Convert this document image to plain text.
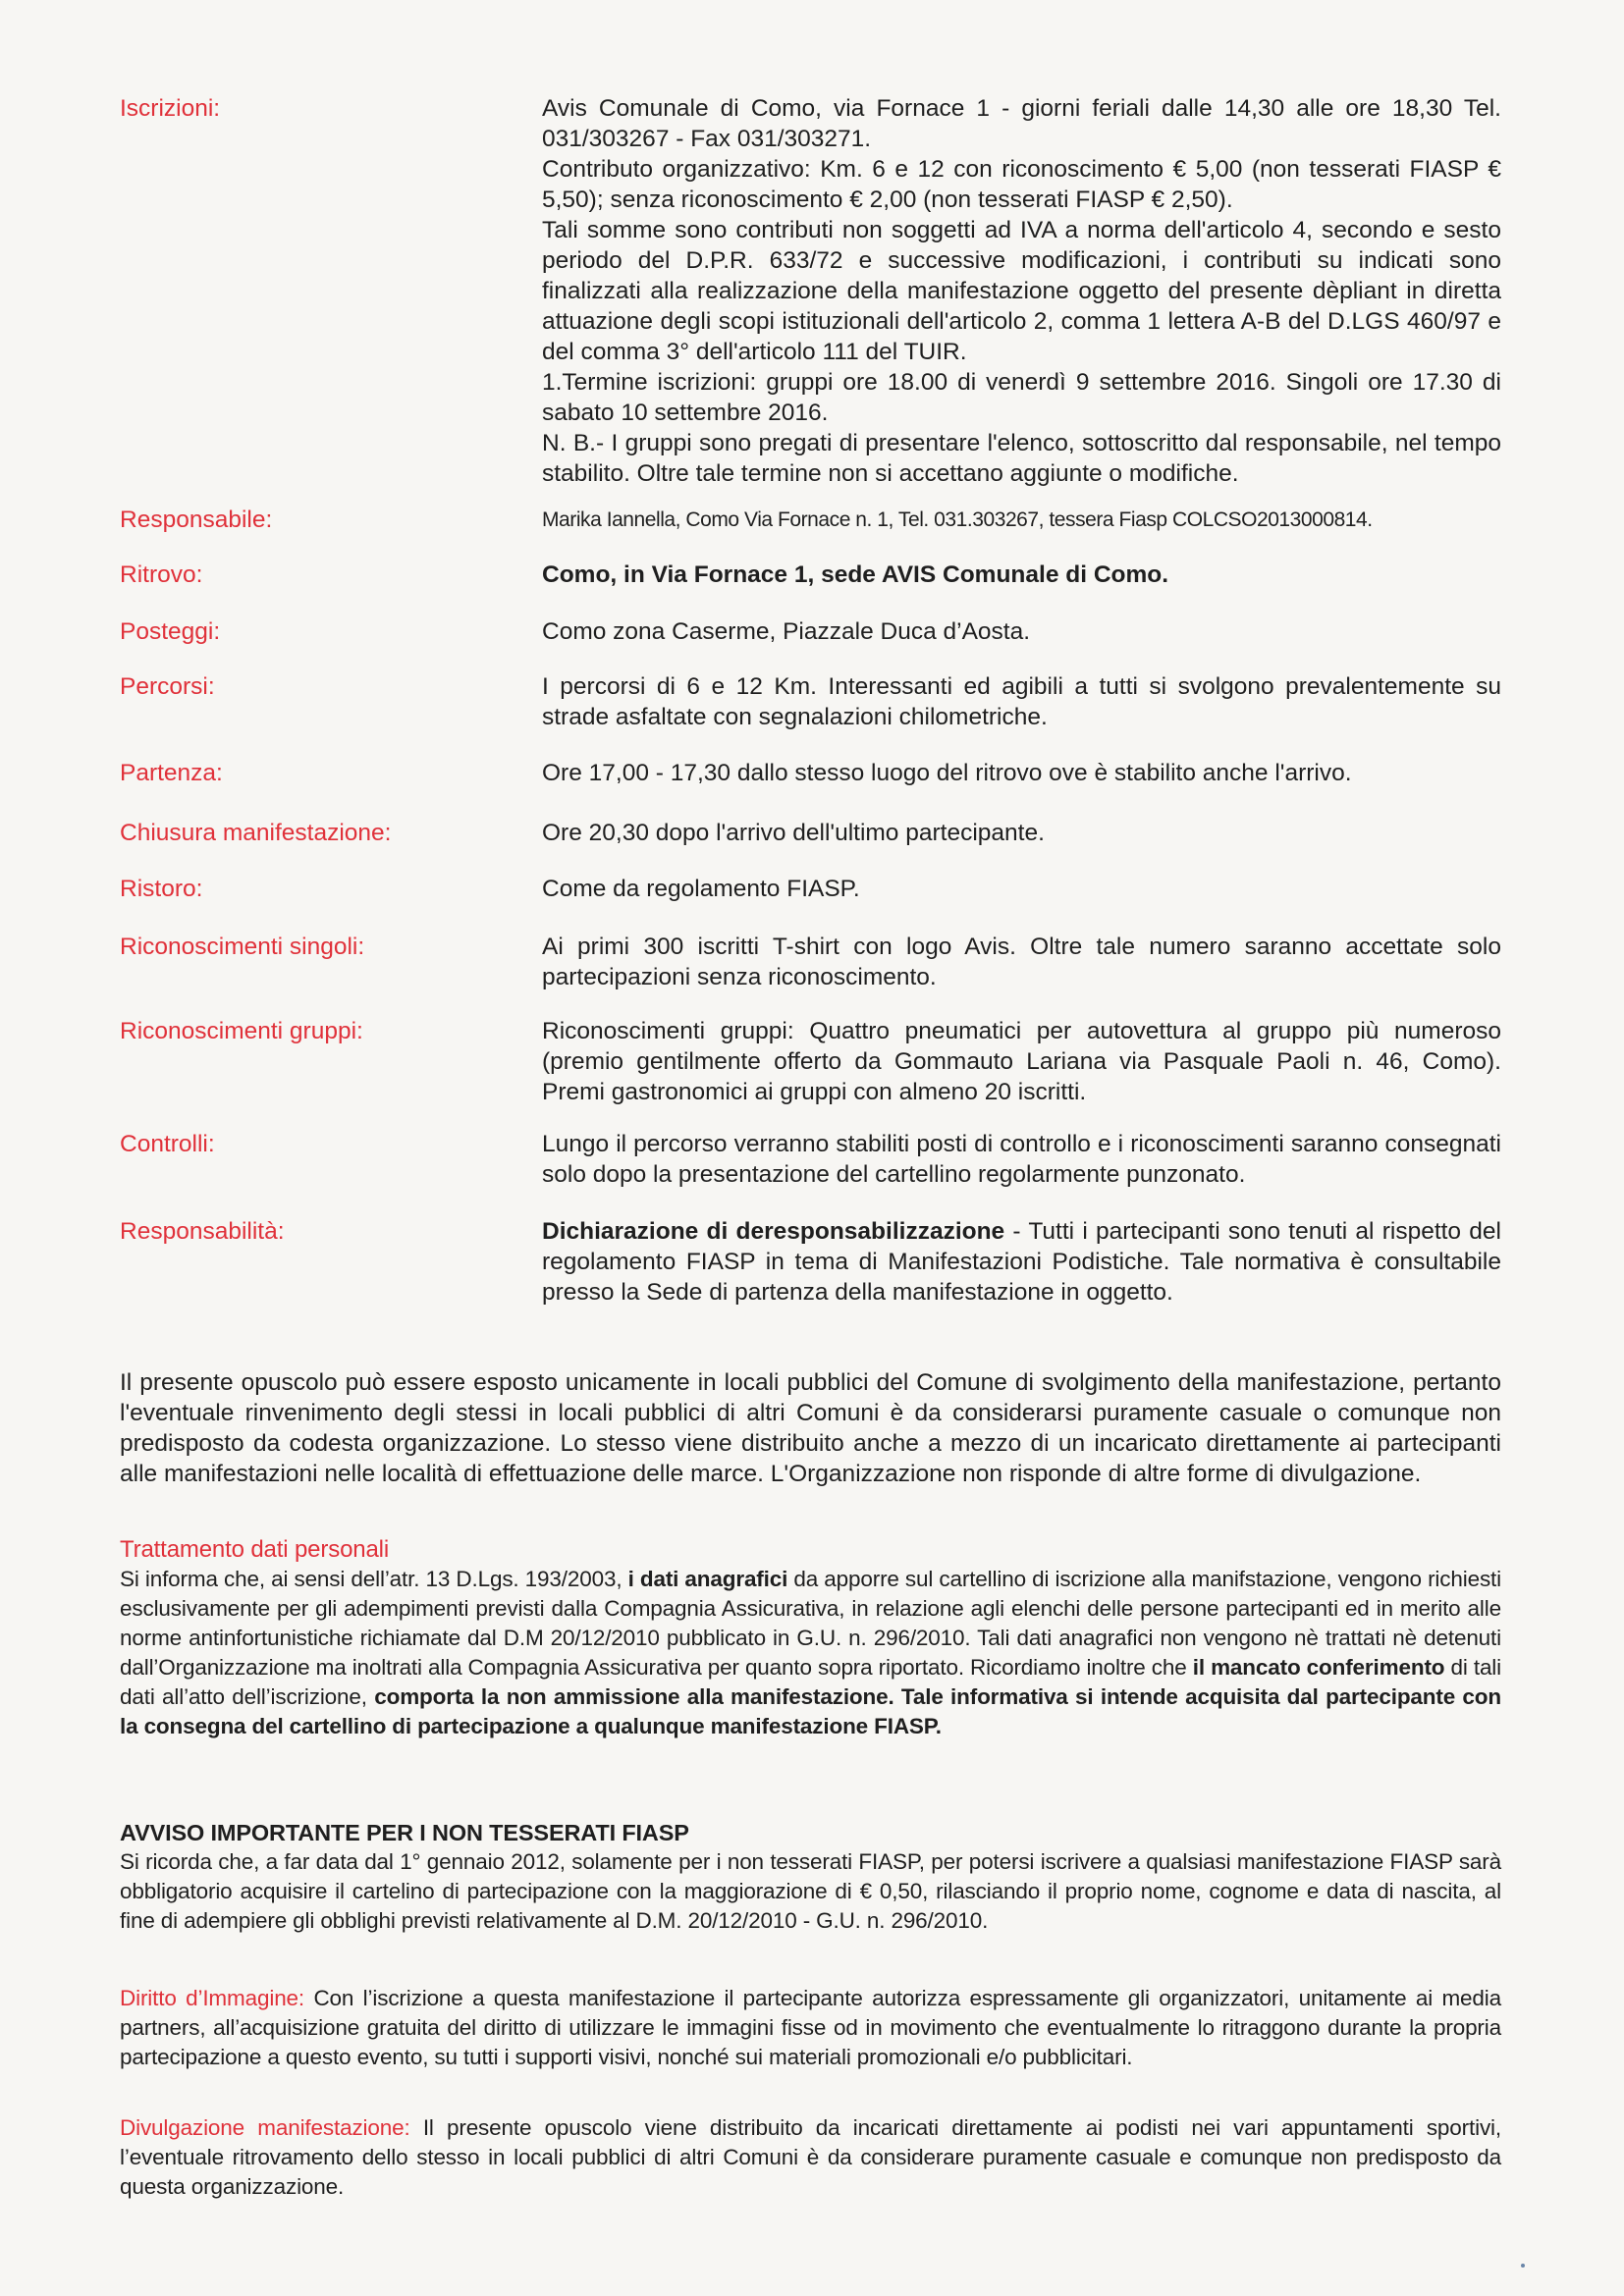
Iscrizioni:	Avis Comunale di Como, via Fornace 1 - giorni feriali dalle 14,30 alle ore 18,30 Tel. 031/303267 - Fax 031/303271.

Contributo organizzativo: Km. 6 e 12 con riconoscimento € 5,00 (non tesserati FIASP € 5,50); senza riconoscimento € 2,00 (non tesserati FIASP € 2,50).

Tali somme sono contributi non soggetti ad IVA a norma dell'articolo 4, secondo e sesto periodo del D.P.R. 633/72 e successive modificazioni, i contributi su indicati sono finalizzati alla realizzazione della manifestazione oggetto del presente dèpliant in diretta attuazione degli scopi istituzionali dell'articolo 2, comma 1 lettera A-B del D.LGS 460/97 e del comma 3° dell'articolo 111 del TUIR.

1.Termine iscrizioni: gruppi ore 18.00 di venerdì 9 settembre 2016. Singoli ore 17.30 di sabato 10 settembre 2016.

N. B.- I gruppi sono pregati di presentare l'elenco, sottoscritto dal responsabile, nel tempo stabilito. Oltre tale termine non si accettano aggiunte o modifiche.

Responsabile:	Marika Iannella, Como Via Fornace n. 1, Tel. 031.303267, tessera Fiasp COLCSO2013000814.
Ritrovo:	Como, in Via Fornace 1, sede AVIS Comunale di Como.
Posteggi:	Como zona Caserme, Piazzale Duca d’Aosta.
Percorsi:	I percorsi di 6 e 12 Km. Interessanti ed agibili a tutti si svolgono prevalentemente su strade asfaltate con segnalazioni chilometriche.
Partenza:	Ore 17,00 - 17,30 dallo stesso luogo del ritrovo ove è stabilito anche l'arrivo.
Chiusura manifestazione:	Ore 20,30 dopo l'arrivo dell'ultimo partecipante.
Ristoro:	Come da regolamento FIASP.
Riconoscimenti singoli:	Ai primi 300 iscritti T-shirt con logo Avis. Oltre tale numero saranno accettate solo partecipazioni senza riconoscimento.
Riconoscimenti gruppi:	Riconoscimenti gruppi: Quattro pneumatici per autovettura al gruppo più numeroso (premio gentilmente offerto da Gommauto Lariana via Pasquale Paoli n. 46, Como). Premi gastronomici ai gruppi con almeno 20 iscritti.
Controlli:	Lungo il percorso verranno stabiliti posti di controllo e i riconoscimenti saranno consegnati solo dopo la presentazione del cartellino regolarmente punzonato.
Responsabilità:	Dichiarazione di deresponsabilizzazione - Tutti i partecipanti sono tenuti al rispetto del regolamento FIASP in tema di Manifestazioni Podistiche. Tale normativa è consultabile presso la Sede di partenza della manifestazione in oggetto.
Il presente opuscolo può essere esposto unicamente in locali pubblici del Comune di svolgimento della manifestazione, pertanto l'eventuale rinvenimento degli stessi in locali pubblici di altri Comuni è da considerarsi puramente casuale o comunque non predisposto da codesta organizzazione. Lo stesso viene distribuito anche a mezzo di un incaricato direttamente ai partecipanti alle manifestazioni nelle località di effettuazione delle marce. L'Organizzazione non risponde di altre forme di divulgazione.

Trattamento dati personali

Si informa che, ai sensi dell’atr. 13 D.Lgs. 193/2003, i dati anagrafici da apporre sul cartellino di iscrizione alla manifstazione, vengono richiesti esclusivamente per gli adempimenti previsti dalla Compagnia Assicurativa, in relazione agli elenchi delle persone partecipanti ed in merito alle norme antinfortunistiche richiamate dal D.M 20/12/2010 pubblicato in G.U. n. 296/2010. Tali dati anagrafici non vengono nè trattati nè detenuti dall’Organizzazione ma inoltrati alla Compagnia Assicurativa per quanto sopra riportato. Ricordiamo inoltre che il mancato conferimento di tali dati all’atto dell’iscrizione, comporta la non ammissione alla manifestazione. Tale informativa si intende acquisita dal partecipante con la consegna del cartellino di partecipazione a qualunque manifestazione FIASP.

AVVISO IMPORTANTE PER I NON TESSERATI FIASP

Si ricorda che, a far data dal 1° gennaio 2012, solamente per i non tesserati FIASP, per potersi iscrivere a qualsiasi manifestazione FIASP sarà obbligatorio acquisire il cartelino di partecipazione con la maggiorazione di € 0,50, rilasciando il proprio nome, cognome e data di nascita, al fine di adempiere gli obblighi previsti relativamente al D.M. 20/12/2010 - G.U. n. 296/2010.

Diritto d’Immagine: Con l’iscrizione a questa manifestazione il partecipante autorizza espressamente gli organizzatori, unitamente ai media partners, all’acquisizione gratuita del diritto di utilizzare le immagini fisse od in movimento che eventualmente lo ritraggono durante la propria partecipazione a questo evento, su tutti i supporti visivi, nonché sui materiali promozionali e/o pubblicitari.

Divulgazione manifestazione: Il presente opuscolo viene distribuito da incaricati direttamente ai podisti nei vari appuntamenti sportivi, l’eventuale ritrovamento dello stesso in locali pubblici di altri Comuni è da considerare puramente casuale e comunque non predisposto da questa organizzazione.
